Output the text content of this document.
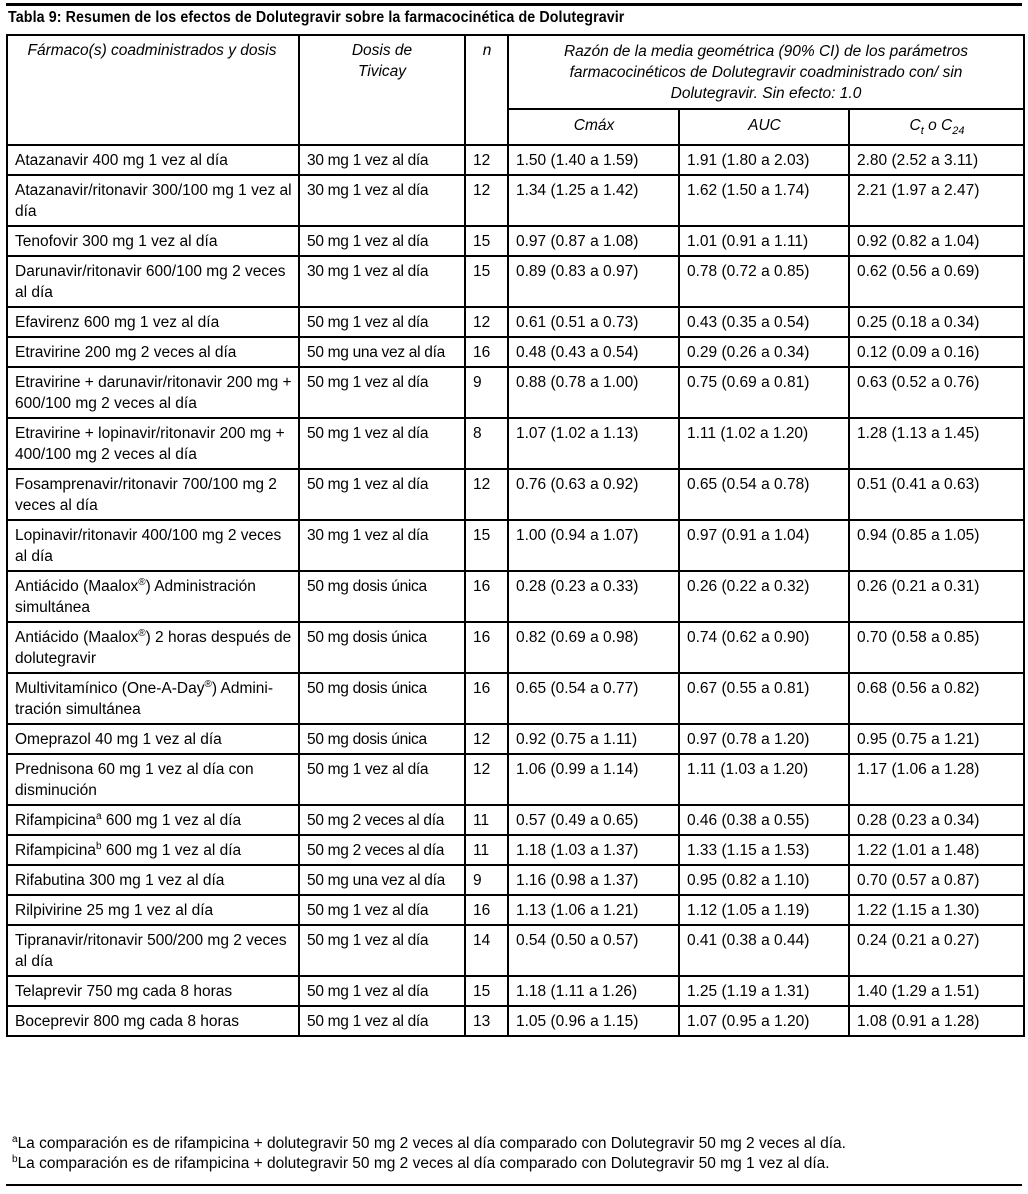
Tabla 9: Resumen de los efectos de Dolutegravir sobre la farmacocinética de Dolutegravir
Fármaco(s) coadministrados y dosis	Dosis de Tivicay	n	Razón de la media geométrica (90% CI) de los parámetros farmacocinéticos de Dolutegravir coadministrado con/ sin Dolutegravir. Sin efecto: 1.0		
			Cmáx	AUC	$C_t$ o $C_{24}$
Atazanavir 400 mg 1 vez al día	30 mg 1 vez al día	12	1.50 (1.40 a 1.59)	1.91 (1.80 a 2.03)	2.80 (2.52 a 3.11)
Atazanavir/ritonavir 300/100 mg 1 vez al día	30 mg 1 vez al día	12	1.34 (1.25 a 1.42)	1.62 (1.50 a 1.74)	2.21 (1.97 a 2.47)
Tenofovir 300 mg 1 vez al día	50 mg 1 vez al día	15	0.97 (0.87 a 1.08)	1.01 (0.91 a 1.11)	0.92 (0.82 a 1.04)
Darunavir/ritonavir 600/100 mg 2 veces al día	30 mg 1 vez al día	15	0.89 (0.83 a 0.97)	0.78 (0.72 a 0.85)	0.62 (0.56 a 0.69)
Efavirenz 600 mg 1 vez al día	50 mg 1 vez al día	12	0.61 (0.51 a 0.73)	0.43 (0.35 a 0.54)	0.25 (0.18 a 0.34)
Etravirine 200 mg 2 veces al día	50 mg una vez al día	16	0.48 (0.43 a 0.54)	0.29 (0.26 a 0.34)	0.12 (0.09 a 0.16)
Etravirine + darunavir/ritonavir 200 mg + 600/100 mg 2 veces al día	50 mg 1 vez al día	9	0.88 (0.78 a 1.00)	0.75 (0.69 a 0.81)	0.63 (0.52 a 0.76)
Etravirine + lopinavir/ritonavir 200 mg + 400/100 mg 2 veces al día	50 mg 1 vez al día	8	1.07 (1.02 a 1.13)	1.11 (1.02 a 1.20)	1.28 (1.13 a 1.45)
Fosamprenavir/ritonavir 700/100 mg 2 veces al día	50 mg 1 vez al día	12	0.76 (0.63 a 0.92)	0.65 (0.54 a 0.78)	0.51 (0.41 a 0.63)
Lopinavir/ritonavir 400/100 mg 2 veces al día	30 mg 1 vez al día	15	1.00 (0.94 a 1.07)	0.97 (0.91 a 1.04)	0.94 (0.85 a 1.05)
Antiácido (Maalox®) Administración simultánea	50 mg dosis única	16	0.28 (0.23 a 0.33)	0.26 (0.22 a 0.32)	0.26 (0.21 a 0.31)
Antiácido (Maalox®) 2 horas después de dolutegravir	50 mg dosis única	16	0.82 (0.69 a 0.98)	0.74 (0.62 a 0.90)	0.70 (0.58 a 0.85)
Multivitamínico (One-A-Day®) Admini-tración simultánea	50 mg dosis única	16	0.65 (0.54 a 0.77)	0.67 (0.55 a 0.81)	0.68 (0.56 a 0.82)
Omeprazol 40 mg 1 vez al día	50 mg dosis única	12	0.92 (0.75 a 1.11)	0.97 (0.78 a 1.20)	0.95 (0.75 a 1.21)
Prednisona 60 mg 1 vez al día con disminución	50 mg 1 vez al día	12	1.06 (0.99 a 1.14)	1.11 (1.03 a 1.20)	1.17 (1.06 a 1.28)
Rifampicina$^a$ 600 mg 1 vez al día	50 mg 2 veces al día	11	0.57 (0.49 a 0.65)	0.46 (0.38 a 0.55)	0.28 (0.23 a 0.34)
Rifampicina$^b$ 600 mg 1 vez al día	50 mg 2 veces al día	11	1.18 (1.03 a 1.37)	1.33 (1.15 a 1.53)	1.22 (1.01 a 1.48)
Rifabutina 300 mg 1 vez al día	50 mg una vez al día	9	1.16 (0.98 a 1.37)	0.95 (0.82 a 1.10)	0.70 (0.57 a 0.87)
Rilpivirine 25 mg 1 vez al día	50 mg 1 vez al día	16	1.13 (1.06 a 1.21)	1.12 (1.05 a 1.19)	1.22 (1.15 a 1.30)
Tipranavir/ritonavir 500/200 mg 2 veces al día	50 mg 1 vez al día	14	0.54 (0.50 a 0.57)	0.41 (0.38 a 0.44)	0.24 (0.21 a 0.27)
Telaprevir 750 mg cada 8 horas	50 mg 1 vez al día	15	1.18 (1.11 a 1.26)	1.25 (1.19 a 1.31)	1.40 (1.29 a 1.51)
Boceprevir 800 mg cada 8 horas	50 mg 1 vez al día	13	1.05 (0.96 a 1.15)	1.07 (0.95 a 1.20)	1.08 (0.91 a 1.28)
$^a$La comparación es de rifampicina + dolutegravir 50 mg 2 veces al día comparado con Dolutegravir 50 mg 2 veces al día.
$^b$La comparación es de rifampicina + dolutegravir 50 mg 2 veces al día comparado con Dolutegravir 50 mg 1 vez al día.
